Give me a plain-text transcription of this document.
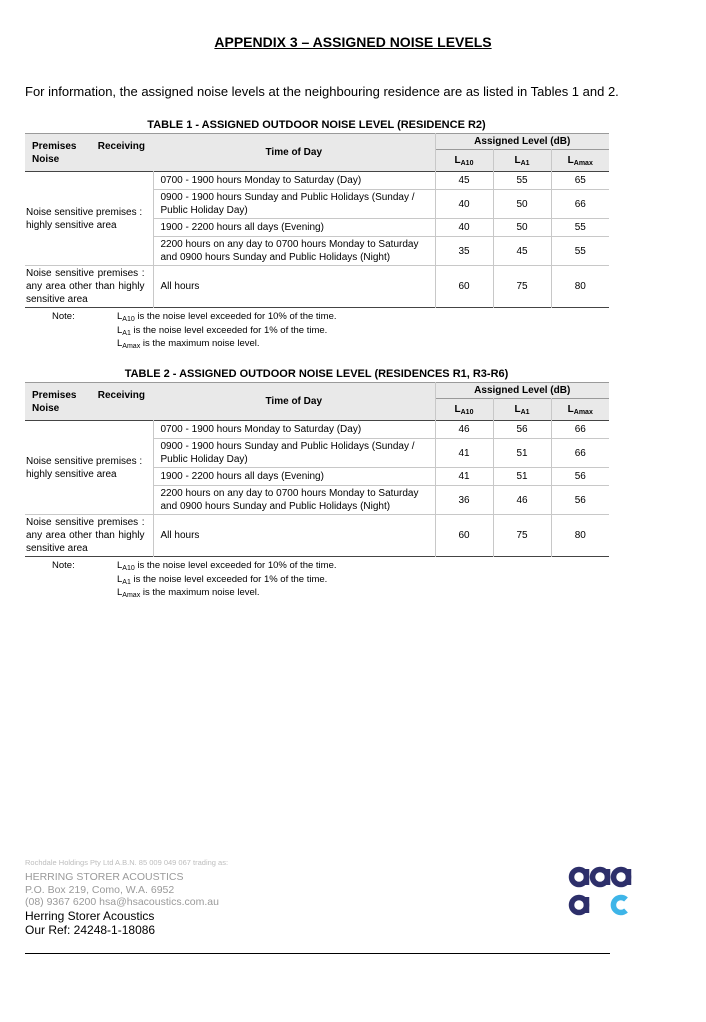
APPENDIX 3 – ASSIGNED NOISE LEVELS
For information, the assigned noise levels at the neighbouring residence are as listed in Tables 1 and 2.
TABLE 1 - ASSIGNED OUTDOOR NOISE LEVEL (RESIDENCE R2)
Premises Receiving
Noise	Time of Day	Assigned Level (dB)		
		$L_{A10}$	$L_{A1}$	$L_{Amax}$
Noise sensitive premises : highly sensitive area	0700 - 1900 hours Monday to Saturday (Day)	45	55	65
	0900 - 1900 hours Sunday and Public Holidays (Sunday / Public Holiday Day)	40	50	66
	1900 - 2200 hours all days (Evening)	40	50	55
	2200 hours on any day to 0700 hours Monday to Saturday and 0900 hours Sunday and Public Holidays (Night)	35	45	55
Noise sensitive premises : any area other than highly sensitive area	All hours	60	75	80
Note:	$L_{A10}$ is the noise level exceeded for 10% of the time.
$L_{A1}$ is the noise level exceeded for 1% of the time.
$L_{Amax}$ is the maximum noise level.
TABLE 2 - ASSIGNED OUTDOOR NOISE LEVEL (RESIDENCES R1, R3-R6)
Premises Receiving
Noise	Time of Day	Assigned Level (dB)		
		$L_{A10}$	$L_{A1}$	$L_{Amax}$
Noise sensitive premises : highly sensitive area	0700 - 1900 hours Monday to Saturday (Day)	46	56	66
	0900 - 1900 hours Sunday and Public Holidays (Sunday / Public Holiday Day)	41	51	66
	1900 - 2200 hours all days (Evening)	41	51	56
	2200 hours on any day to 0700 hours Monday to Saturday and 0900 hours Sunday and Public Holidays (Night)	36	46	56
Noise sensitive premises : any area other than highly sensitive area	All hours	60	75	80
Note:	$L_{A10}$ is the noise level exceeded for 10% of the time.
$L_{A1}$ is the noise level exceeded for 1% of the time.
$L_{Amax}$ is the maximum noise level.
Rochdale Holdings Pty Ltd A.B.N. 85 009 049 067 trading as:
HERRING STORER ACOUSTICS
P.O. Box 219, Como, W.A. 6952
(08) 9367 6200 hsa@hsacoustics.com.au
Herring Storer Acoustics
Our Ref: 24248-1-18086
